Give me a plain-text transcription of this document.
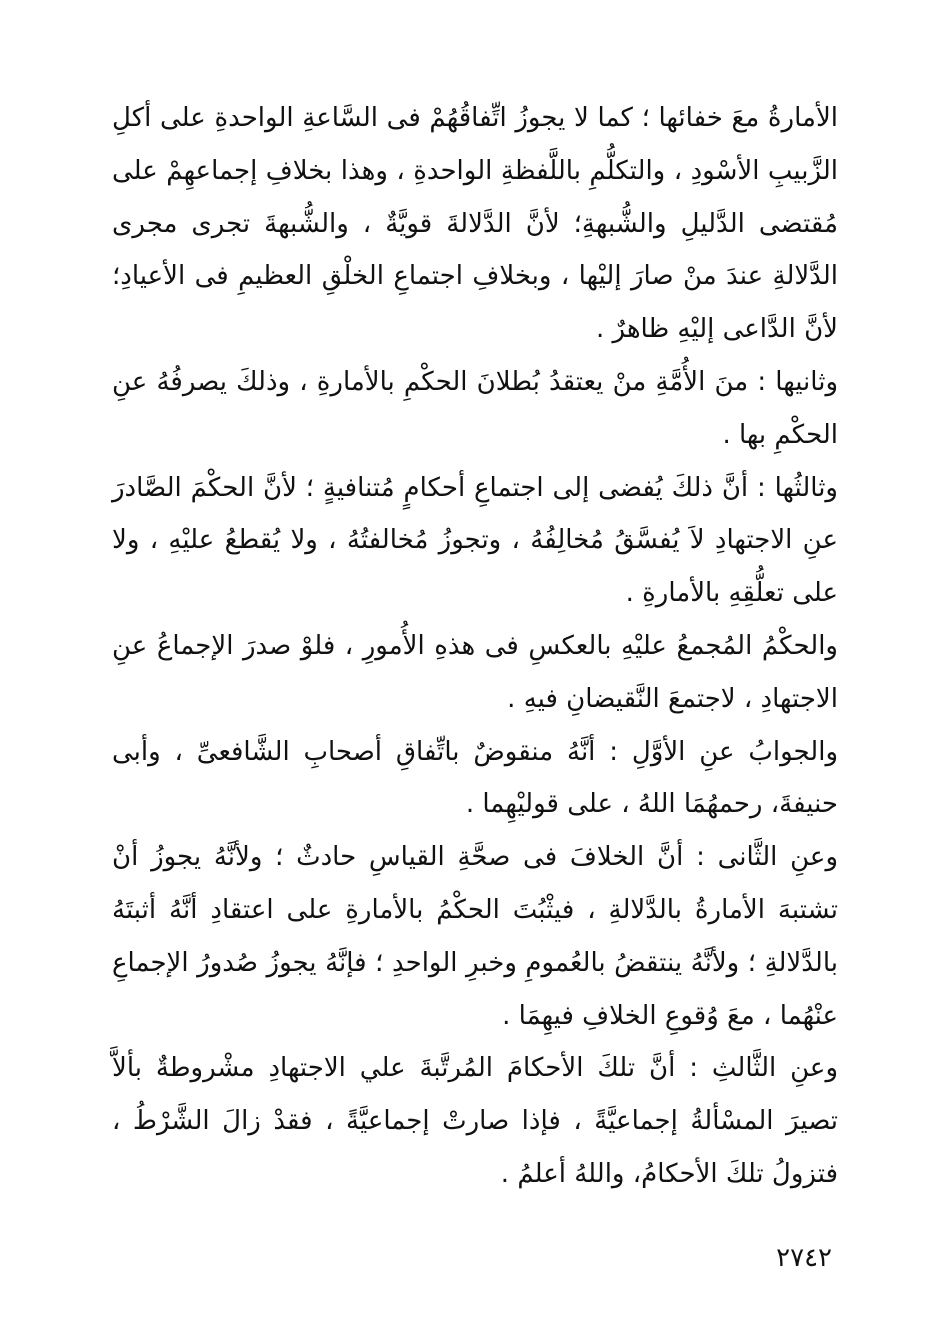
الأمارةُ معَ خفائها ؛ كما لا يجوزُ اتِّفاقُهُمْ فى السَّاعةِ الواحدةِ على أكلِ الزَّبيبِ الأسْودِ ، والتكلُّمِ باللَّفظةِ الواحدةِ ، وهذا بخلافِ إجماعهِمْ على مُقتضى الدَّليلِ والشُّبهةِ؛ لأنَّ الدَّلالةَ قويَّةٌ ، والشُّبهةَ تجرى مجرى الدَّلالةِ عندَ منْ صارَ إليْها ، وبخلافِ اجتماعِ الخلْقِ العظيمِ فى الأعيادِ؛ لأنَّ الدَّاعى إليْهِ ظاهرٌ .

وثانيها : منَ الأُمَّةِ منْ يعتقدُ بُطلانَ الحكْمِ بالأمارةِ ، وذلكَ يصرفُهُ عنِ الحكْمِ بها .

وثالثُها : أنَّ ذلكَ يُفضى إلى اجتماعِ أحكامٍ مُتنافيةٍ ؛ لأنَّ الحكْمَ الصَّادرَ عنِ الاجتهادِ لاَ يُفسَّقُ مُخالِفُهُ ، وتجوزُ مُخالفتُهُ ، ولا يُقطعُ عليْهِ ، ولا على تعلُّقِهِ بالأمارةِ .

والحكْمُ المُجمعُ عليْهِ بالعكسِ فى هذهِ الأُمورِ ، فلوْ صدرَ الإجماعُ عنِ الاجتهادِ ، لاجتمعَ النَّقيضانِ فيهِ .

والجوابُ عنِ الأوَّلِ : أنَّهُ منقوضٌ باتِّفاقِ أصحابِ الشَّافعىِّ ، وأبى حنيفةَ، رحمهُمَا اللهُ ، على قوليْهِما .

وعنِ الثَّانى : أنَّ الخلافَ فى صحَّةِ القياسِ حادثٌ ؛ ولأنَّهُ يجوزُ أنْ تشتبهَ الأمارةُ بالدَّلالةِ ، فيثْبُتَ الحكْمُ بالأمارةِ على اعتقادِ أنَّهُ أثبتَهُ بالدَّلالةِ ؛ ولأنَّهُ ينتقضُ بالعُمومِ وخبرِ الواحدِ ؛ فإنَّهُ يجوزُ صُدورُ الإجماعِ عنْهُما ، معَ وُقوعِ الخلافِ فيهِمَا .

وعنِ الثَّالثِ : أنَّ تلكَ الأحكامَ المُرتَّبةَ علي الاجتهادِ مشْروطةٌ بألاَّ تصيرَ المسْألةُ إجماعيَّةً ، فإذا صارتْ إجماعيَّةً ، فقدْ زالَ الشَّرْطُ ، فتزولُ تلكَ الأحكامُ، واللهُ أعلمُ .

٢٧٤٢
